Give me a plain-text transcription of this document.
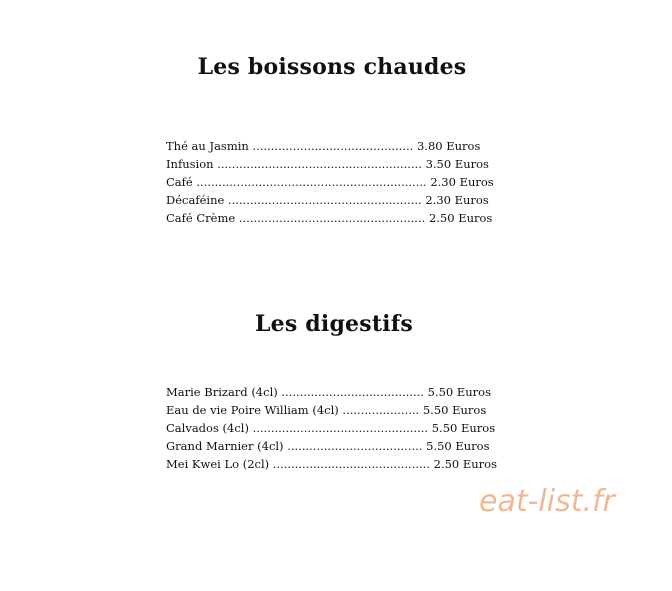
Les boissons chaudes
Thé au Jasmin ............................................ 3.80 Euros
Infusion ........................................................ 3.50 Euros
Café ............................................................... 2.30 Euros
Décaféine ..................................................... 2.30 Euros
Café Crème ................................................... 2.50 Euros
Les digestifs
Marie Brizard (4cl) ....................................... 5.50 Euros
Eau de vie Poire William (4cl) ..................... 5.50 Euros
Calvados (4cl) ................................................ 5.50 Euros
Grand Marnier (4cl) ..................................... 5.50 Euros
Mei Kwei Lo (2cl) ........................................... 2.50 Euros
eat-list.fr
